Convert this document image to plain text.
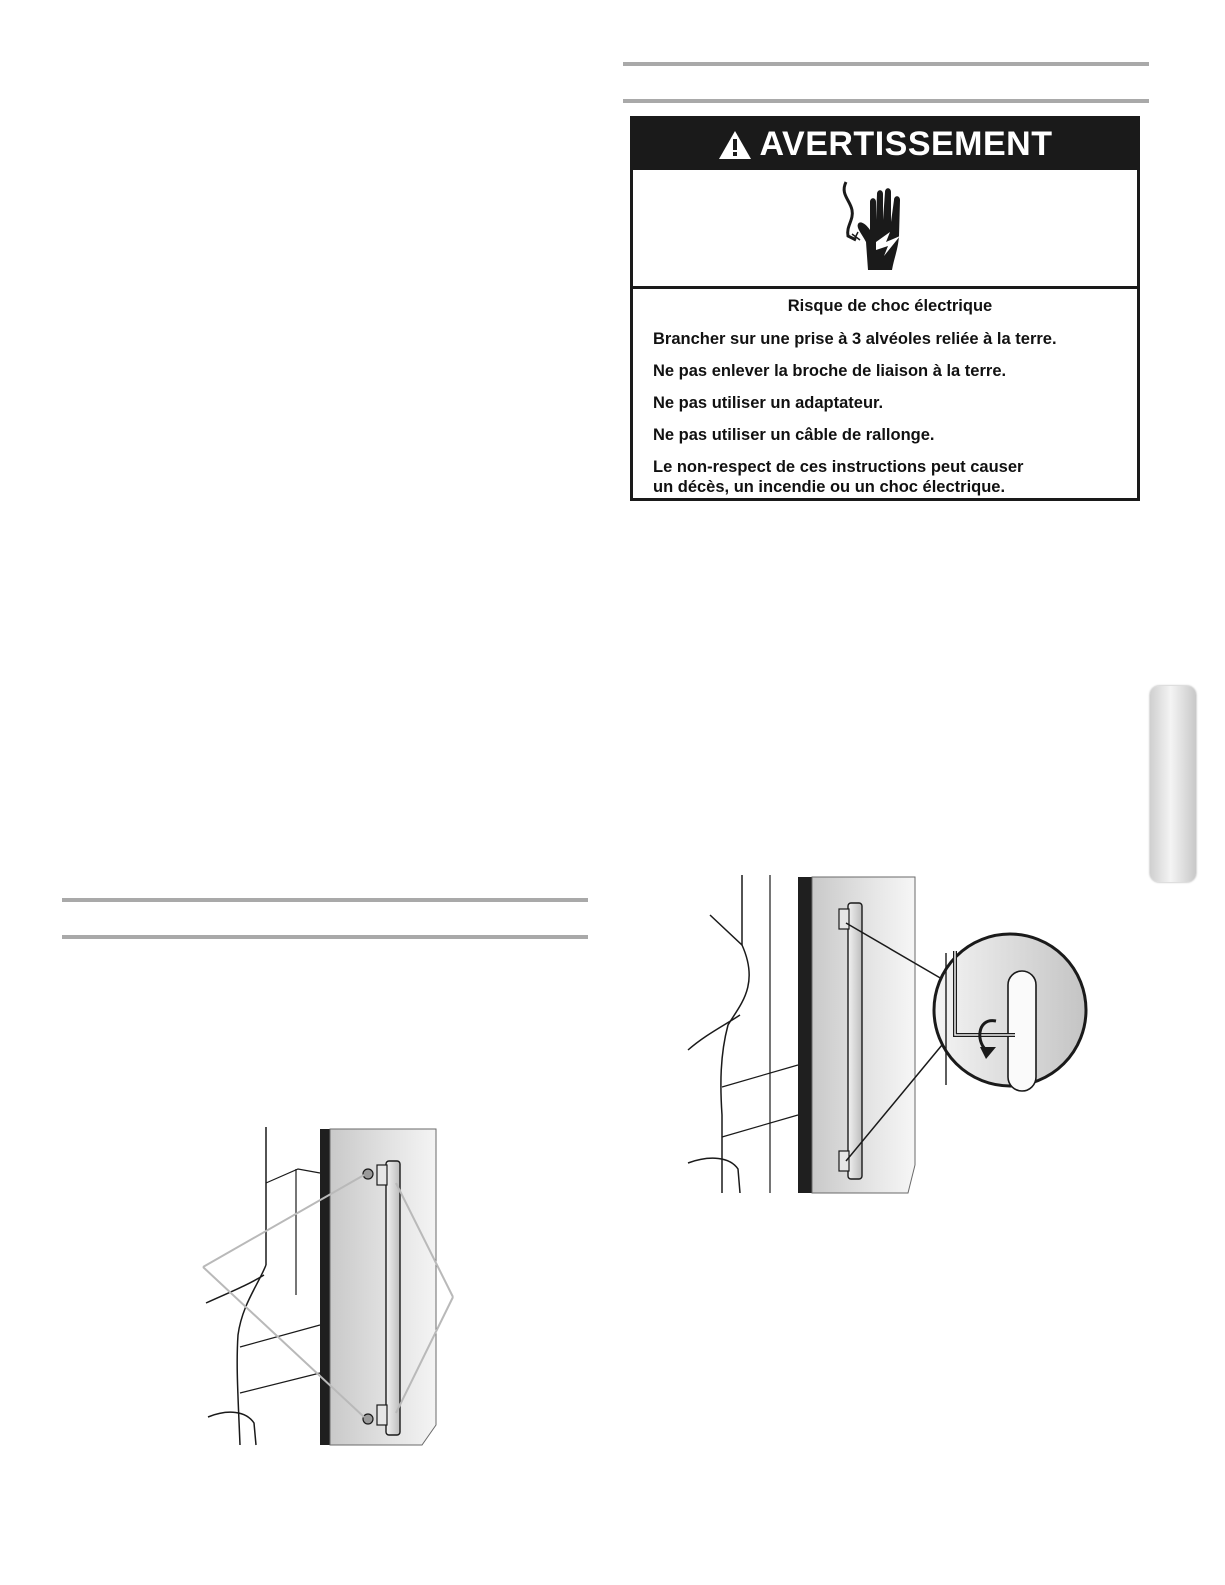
AVERTISSEMENT
Risque de choc électrique
Brancher sur une prise à 3 alvéoles reliée à la terre.
Ne pas enlever la broche de liaison à la terre.
Ne pas utiliser un adaptateur.
Ne pas utiliser un câble de rallonge.
Le non-respect de ces instructions peut causer
un décès, un incendie ou un choc électrique.
